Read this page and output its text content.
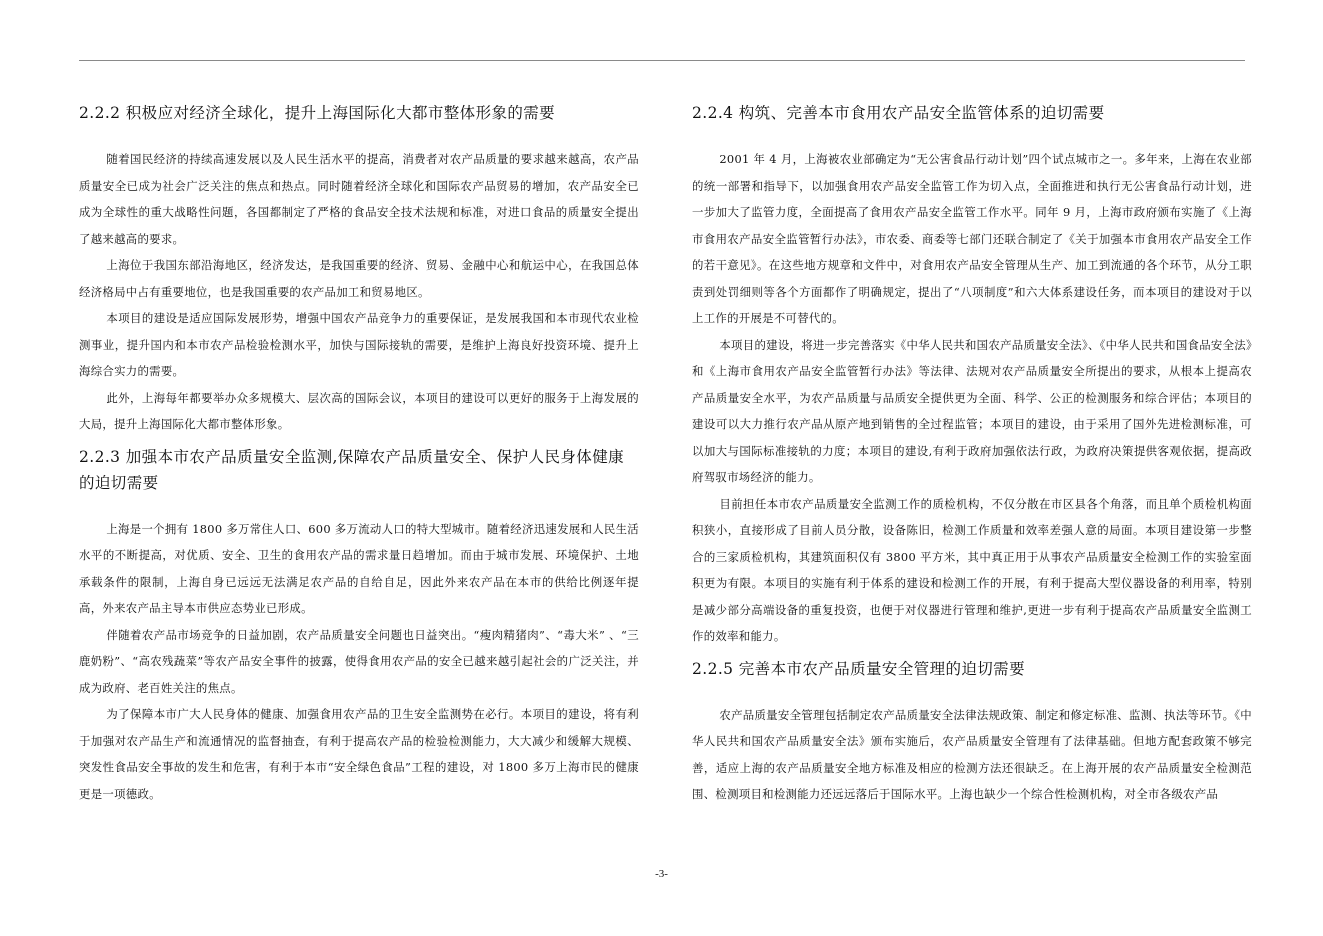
2.2.2 积极应对经济全球化，提升上海国际化大都市整体形象的需要

随着国民经济的持续高速发展以及人民生活水平的提高，消费者对农产品质量的要求越来越高，农产品质量安全已成为社会广泛关注的焦点和热点。同时随着经济全球化和国际农产品贸易的增加，农产品安全已成为全球性的重大战略性问题，各国都制定了严格的食品安全技术法规和标准，对进口食品的质量安全提出了越来越高的要求。

上海位于我国东部沿海地区，经济发达，是我国重要的经济、贸易、金融中心和航运中心，在我国总体经济格局中占有重要地位，也是我国重要的农产品加工和贸易地区。

本项目的建设是适应国际发展形势，增强中国农产品竞争力的重要保证，是发展我国和本市现代农业检测事业，提升国内和本市农产品检验检测水平，加快与国际接轨的需要，是维护上海良好投资环境、提升上海综合实力的需要。

此外，上海每年都要举办众多规模大、层次高的国际会议，本项目的建设可以更好的服务于上海发展的大局，提升上海国际化大都市整体形象。

2.2.3 加强本市农产品质量安全监测,保障农产品质量安全、保护人民身体健康的迫切需要

上海是一个拥有 1800 多万常住人口、600 多万流动人口的特大型城市。随着经济迅速发展和人民生活水平的不断提高，对优质、安全、卫生的食用农产品的需求量日趋增加。而由于城市发展、环境保护、土地承载条件的限制，上海自身已远远无法满足农产品的自给自足，因此外来农产品在本市的供给比例逐年提高，外来农产品主导本市供应态势业已形成。

伴随着农产品市场竞争的日益加剧，农产品质量安全问题也日益突出。“瘦肉精猪肉”、“毒大米” 、“三鹿奶粉”、“高农残蔬菜”等农产品安全事件的披露，使得食用农产品的安全已越来越引起社会的广泛关注，并成为政府、老百姓关注的焦点。

为了保障本市广大人民身体的健康、加强食用农产品的卫生安全监测势在必行。本项目的建设，将有利于加强对农产品生产和流通情况的监督抽查，有利于提高农产品的检验检测能力，大大减少和缓解大规模、突发性食品安全事故的发生和危害，有利于本市“安全绿色食品”工程的建设，对 1800 多万上海市民的健康更是一项德政。

2.2.4 构筑、完善本市食用农产品安全监管体系的迫切需要

2001 年 4 月，上海被农业部确定为“无公害食品行动计划”四个试点城市之一。多年来，上海在农业部的统一部署和指导下，以加强食用农产品安全监管工作为切入点，全面推进和执行无公害食品行动计划，进一步加大了监管力度，全面提高了食用农产品安全监管工作水平。同年 9 月，上海市政府颁布实施了《上海市食用农产品安全监管暂行办法》，市农委、商委等七部门还联合制定了《关于加强本市食用农产品安全工作的若干意见》。在这些地方规章和文件中，对食用农产品安全管理从生产、加工到流通的各个环节，从分工职责到处罚细则等各个方面都作了明确规定，提出了“八项制度”和六大体系建设任务，而本项目的建设对于以上工作的开展是不可替代的。

本项目的建设，将进一步完善落实《中华人民共和国农产品质量安全法》、《中华人民共和国食品安全法》和《上海市食用农产品安全监管暂行办法》等法律、法规对农产品质量安全所提出的要求，从根本上提高农产品质量安全水平，为农产品质量与品质安全提供更为全面、科学、公正的检测服务和综合评估；本项目的建设可以大力推行农产品从原产地到销售的全过程监管；本项目的建设，由于采用了国外先进检测标准，可以加大与国际标准接轨的力度；本项目的建设,有利于政府加强依法行政，为政府决策提供客观依据，提高政府驾驭市场经济的能力。

目前担任本市农产品质量安全监测工作的质检机构，不仅分散在市区县各个角落，而且单个质检机构面积狭小，直接形成了目前人员分散，设备陈旧，检测工作质量和效率差强人意的局面。本项目建设第一步整合的三家质检机构，其建筑面积仅有 3800 平方米，其中真正用于从事农产品质量安全检测工作的实验室面积更为有限。本项目的实施有利于体系的建设和检测工作的开展，有利于提高大型仪器设备的利用率，特别是减少部分高端设备的重复投资，也便于对仪器进行管理和维护,更进一步有利于提高农产品质量安全监测工作的效率和能力。

2.2.5 完善本市农产品质量安全管理的迫切需要

农产品质量安全管理包括制定农产品质量安全法律法规政策、制定和修定标准、监测、执法等环节。《中华人民共和国农产品质量安全法》颁布实施后，农产品质量安全管理有了法律基础。但地方配套政策不够完善，适应上海的农产品质量安全地方标准及相应的检测方法还很缺乏。在上海开展的农产品质量安全检测范围、检测项目和检测能力还远远落后于国际水平。上海也缺少一个综合性检测机构，对全市各级农产品

-3-
